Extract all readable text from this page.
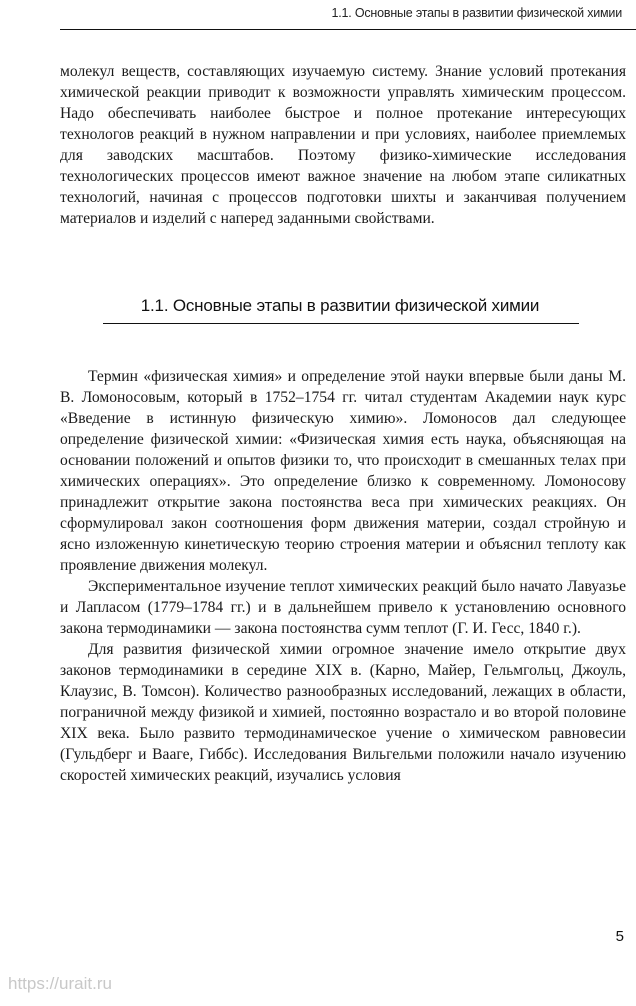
1.1. Основные этапы в развитии физической химии
молекул веществ, составляющих изучаемую систему. Знание условий протекания химической реакции приводит к возможности управлять химическим процессом. Надо обеспечивать наиболее быстрое и полное протекание интересующих технологов реакций в нужном направлении и при условиях, наиболее приемлемых для заводских масштабов. Поэтому физико-химические исследования технологических процессов имеют важное значение на любом этапе силикатных технологий, начиная с процессов подготовки шихты и заканчивая получением материалов и изделий с наперед заданными свойствами.
1.1. Основные этапы в развитии физической химии

Термин «физическая химия» и определение этой науки впервые были даны М. В. Ломоносовым, который в 1752–1754 гг. читал студентам Академии наук курс «Введение в истинную физическую химию». Ломоносов дал следующее определение физической химии: «Физическая химия есть наука, объясняющая на основании положений и опытов физики то, что происходит в смешанных телах при химических операциях». Это определение близко к современному. Ломоносову принадлежит открытие закона постоянства веса при химических реакциях. Он сформулировал закон соотношения форм движения материи, создал стройную и ясно изложенную кинетическую теорию строения материи и объяснил теплоту как проявление движения молекул.

Экспериментальное изучение теплот химических реакций было начато Лавуазье и Лапласом (1779–1784 гг.) и в дальнейшем привело к установлению основного закона термодинамики — закона постоянства сумм теплот (Г. И. Гесс, 1840 г.).

Для развития физической химии огромное значение имело открытие двух законов термодинамики в середине XIX в. (Карно, Майер, Гельмгольц, Джоуль, Клаузис, В. Томсон). Количество разнообразных исследований, лежащих в области, пограничной между физикой и химией, постоянно возрастало и во второй половине XIX века. Было развито термодинамическое учение о химическом равновесии (Гульдберг и Вааге, Гиббс). Исследования Вильгельми положили начало изучению скоростей химических реакций, изучались условия

5
https://urait.ru
